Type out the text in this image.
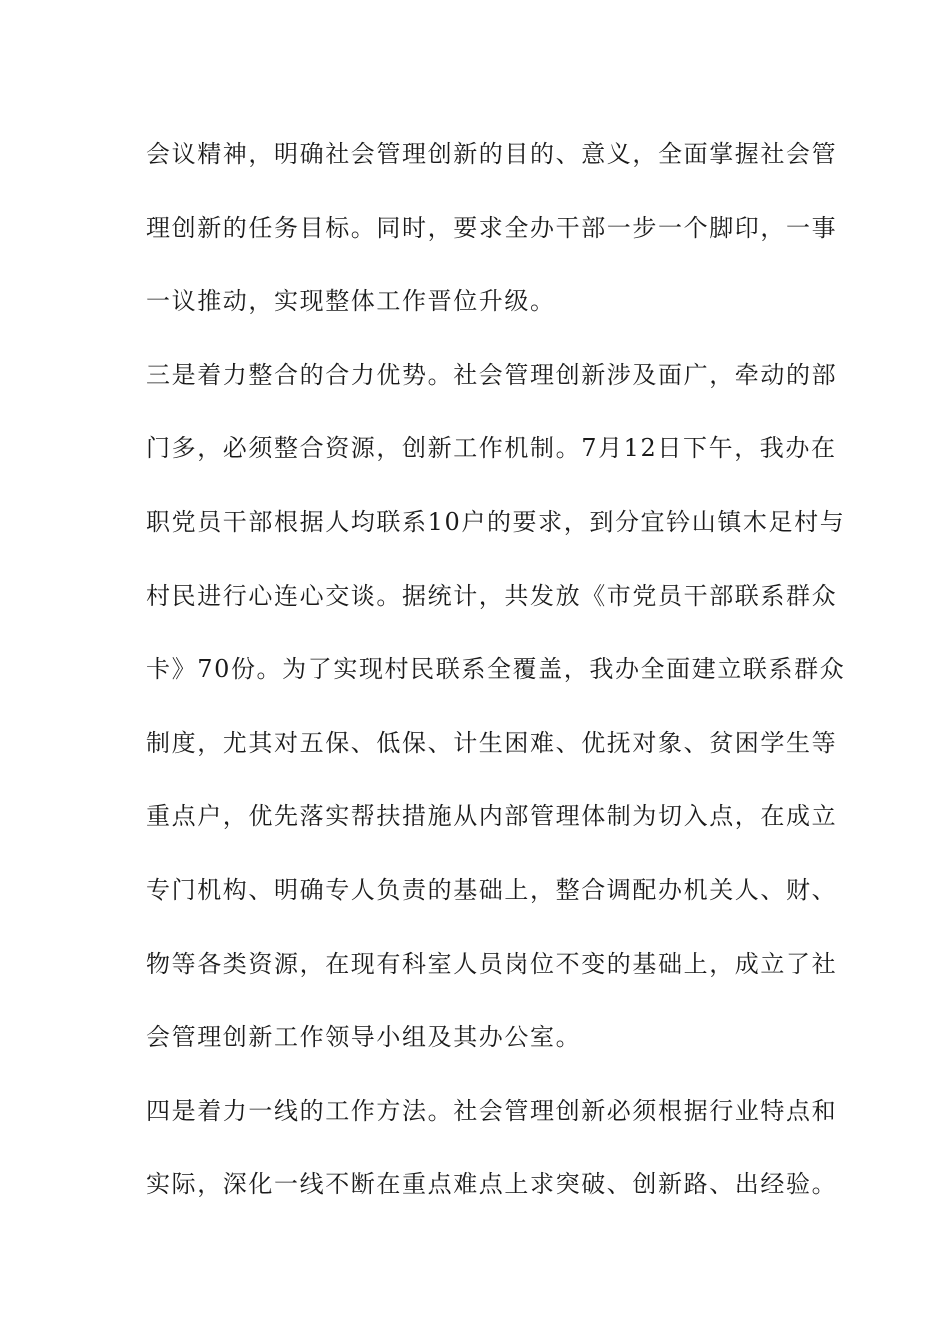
会议精神，明确社会管理创新的目的、意义，全面掌握社会管
理创新的任务目标。同时，要求全办干部一步一个脚印，一事
一议推动，实现整体工作晋位升级。
三是着力整合的合力优势。社会管理创新涉及面广，牵动的部
门多，必须整合资源，创新工作机制。7月12日下午，我办在
职党员干部根据人均联系10户的要求，到分宜钤山镇木足村与
村民进行心连心交谈。据统计，共发放《市党员干部联系群众
卡》70份。为了实现村民联系全覆盖，我办全面建立联系群众
制度，尤其对五保、低保、计生困难、优抚对象、贫困学生等
重点户，优先落实帮扶措施从内部管理体制为切入点，在成立
专门机构、明确专人负责的基础上，整合调配办机关人、财、
物等各类资源，在现有科室人员岗位不变的基础上，成立了社
会管理创新工作领导小组及其办公室。
四是着力一线的工作方法。社会管理创新必须根据行业特点和
实际，深化一线不断在重点难点上求突破、创新路、出经验。
